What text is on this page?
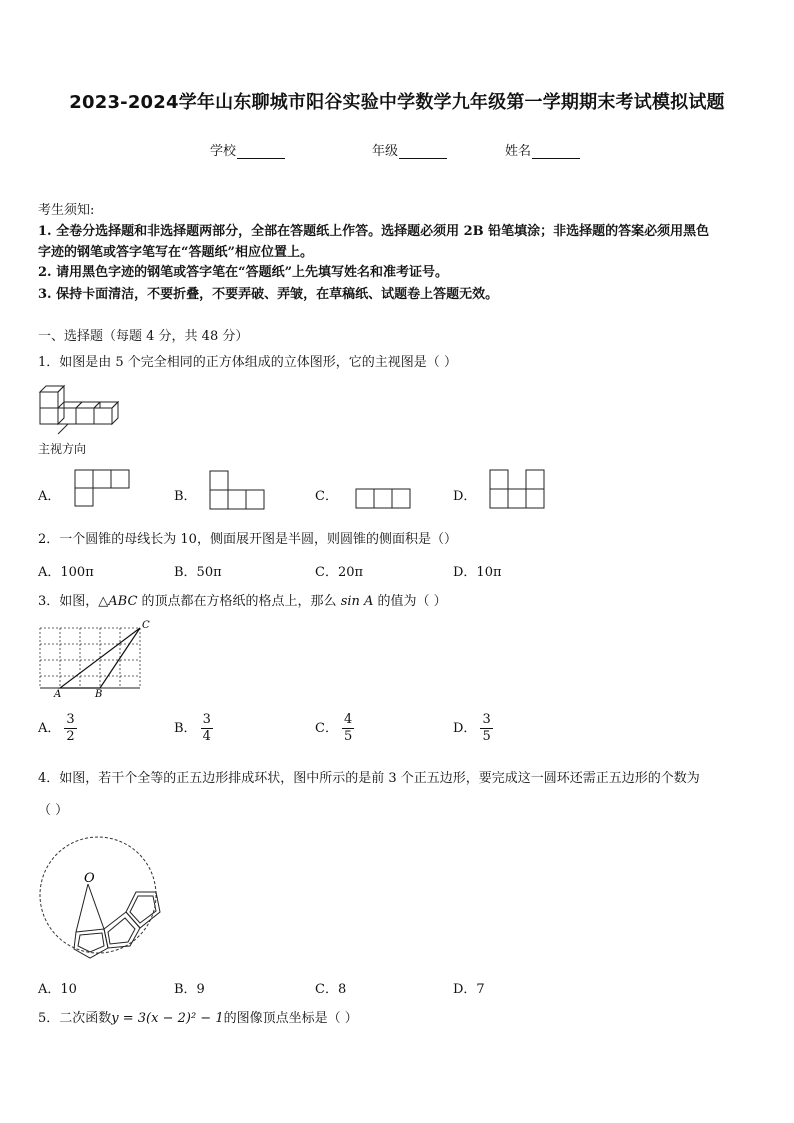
2023-2024学年山东聊城市阳谷实验中学数学九年级第一学期期末考试模拟试题
学校	年级	姓名
考生须知:
1. 全卷分选择题和非选择题两部分，全部在答题纸上作答。选择题必须用 2B 铅笔填涂；非选择题的答案必须用黑色
字迹的钢笔或答字笔写在“答题纸”相应位置上。
2. 请用黑色字迹的钢笔或答字笔在“答题纸”上先填写姓名和准考证号。
3. 保持卡面清洁，不要折叠，不要弄破、弄皱，在草稿纸、试题卷上答题无效。
一、选择题（每题 4 分，共 48 分）
1．如图是由 5 个完全相同的正方体组成的立体图形，它的主视图是（ ）
主视方向
A．	B．	C．	D．
2．一个圆锥的母线长为 10，侧面展开图是半圆，则圆锥的侧面积是（）
A．100π	B．50π	C．20π	D．10π
3．如图，△ABC 的顶点都在方格纸的格点上，那么 sin A 的值为（ ）
A	B
C
A． $\frac{3}{2}$	B． $\frac{3}{4}$	C． $\frac{4}{5}$	D． $\frac{3}{5}$
4．如图，若干个全等的正五边形排成环状，图中所示的是前 3 个正五边形，要完成这一圆环还需正五边形的个数为
（ ）
O
A．10	B．9	C．8	D．7
5．二次函数y = 3(x − 2)² − 1的图像顶点坐标是（ ）
